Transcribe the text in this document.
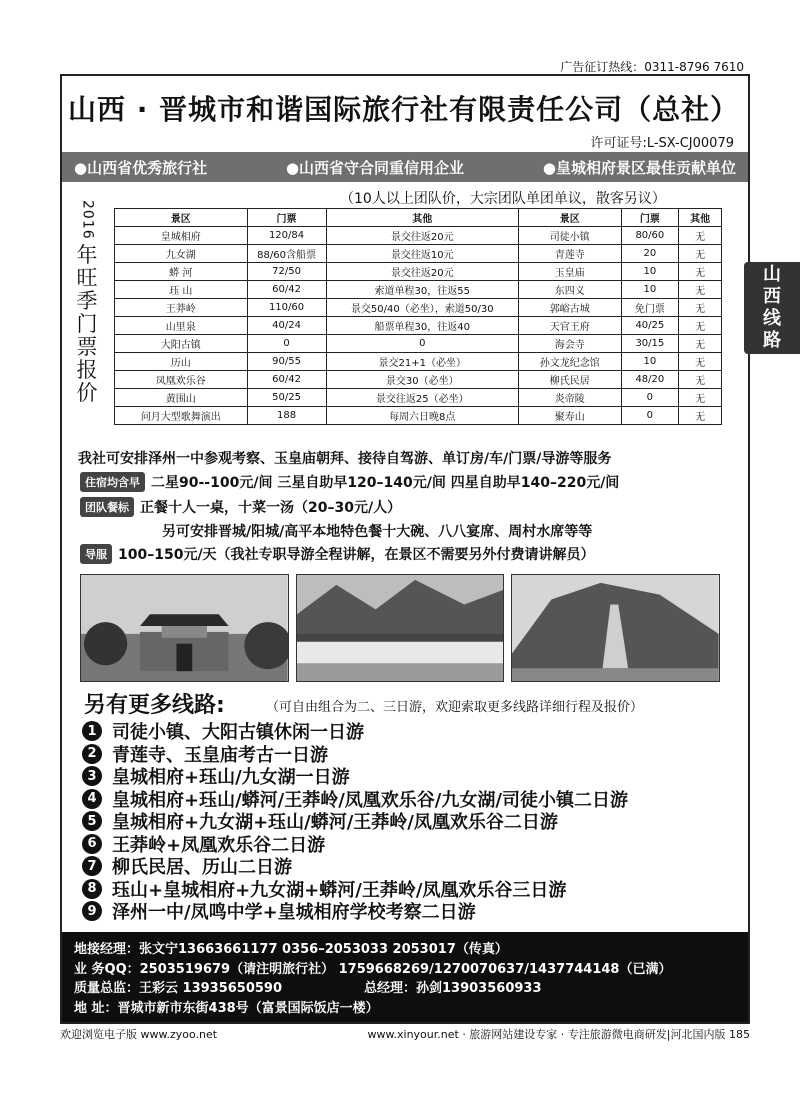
广告征订热线：0311-8796 7610
山西 · 晋城市和谐国际旅行社有限责任公司（总社）
许可证号:L-SX-CJ00079
●山西省优秀旅行社	●山西省守合同重信用企业	●皇城相府景区最佳贡献单位
（10人以上团队价，大宗团队单团单议，散客另议）
2016
年
旺
季
门
票
报
价
景区	门票	其他	景区	门票	其他
皇城相府	120/84	景交往返20元	司徒小镇	80/60	无
九女湖	88/60含船票	景交往返10元	青莲寺	20	无
蟒 河	72/50	景交往返20元	玉皇庙	10	无
珏 山	60/42	索道单程30，往返55	东四义	10	无
王莽岭	110/60	景交50/40（必坐），索道50/30	郭峪古城	免门票	无
山里泉	40/24	船票单程30，往返40	天官王府	40/25	无
大阳古镇	0	0	海会寺	30/15	无
历山	90/55	景交21+1（必坐）	孙文龙纪念馆	10	无
凤凰欢乐谷	60/42	景交30（必坐）	柳氏民居	48/20	无
黄围山	50/25	景交往返25（必坐）	炎帝陵	0	无
问月大型歌舞演出	188	每周六日晚8点	聚寿山	0	无
山
西
线
路
我社可安排泽州一中参观考察、玉皇庙朝拜、接待自驾游、单订房/车/门票/导游等服务
住宿均含早 二星90--100元/间 三星自助早120–140元/间 四星自助早140–220元/间
团队餐标 正餐十人一桌，十菜一汤（20–30元/人）
另可安排晋城/阳城/高平本地特色餐十大碗、八八宴席、周村水席等等
导服 100–150元/天（我社专职导游全程讲解，在景区不需要另外付费请讲解员）
另有更多线路:	（可自由组合为二、三日游，欢迎索取更多线路详细行程及报价）
1 司徒小镇、大阳古镇休闲一日游
2 青莲寺、玉皇庙考古一日游
3 皇城相府+珏山/九女湖一日游
4 皇城相府+珏山/蟒河/王莽岭/凤凰欢乐谷/九女湖/司徒小镇二日游
5 皇城相府+九女湖+珏山/蟒河/王莽岭/凤凰欢乐谷二日游
6 王莽岭+凤凰欢乐谷二日游
7 柳氏民居、历山二日游
8 珏山+皇城相府+九女湖+蟒河/王莽岭/凤凰欢乐谷三日游
9 泽州一中/凤鸣中学+皇城相府学校考察二日游
地接经理：张文宁13663661177 0356–2053033 2053017（传真）
业 务QQ：2503519679（请注明旅行社） 1759668269/1270070637/1437744148（已满）
质量总监：王彩云 13935650590	总经理：孙剑13903560933
地 址：晋城市新市东街438号（富景国际饭店一楼）
欢迎浏览电子版 www.zyoo.net	www.xinyour.net · 旅游网站建设专家 · 专注旅游微电商研发|河北国内版 185
